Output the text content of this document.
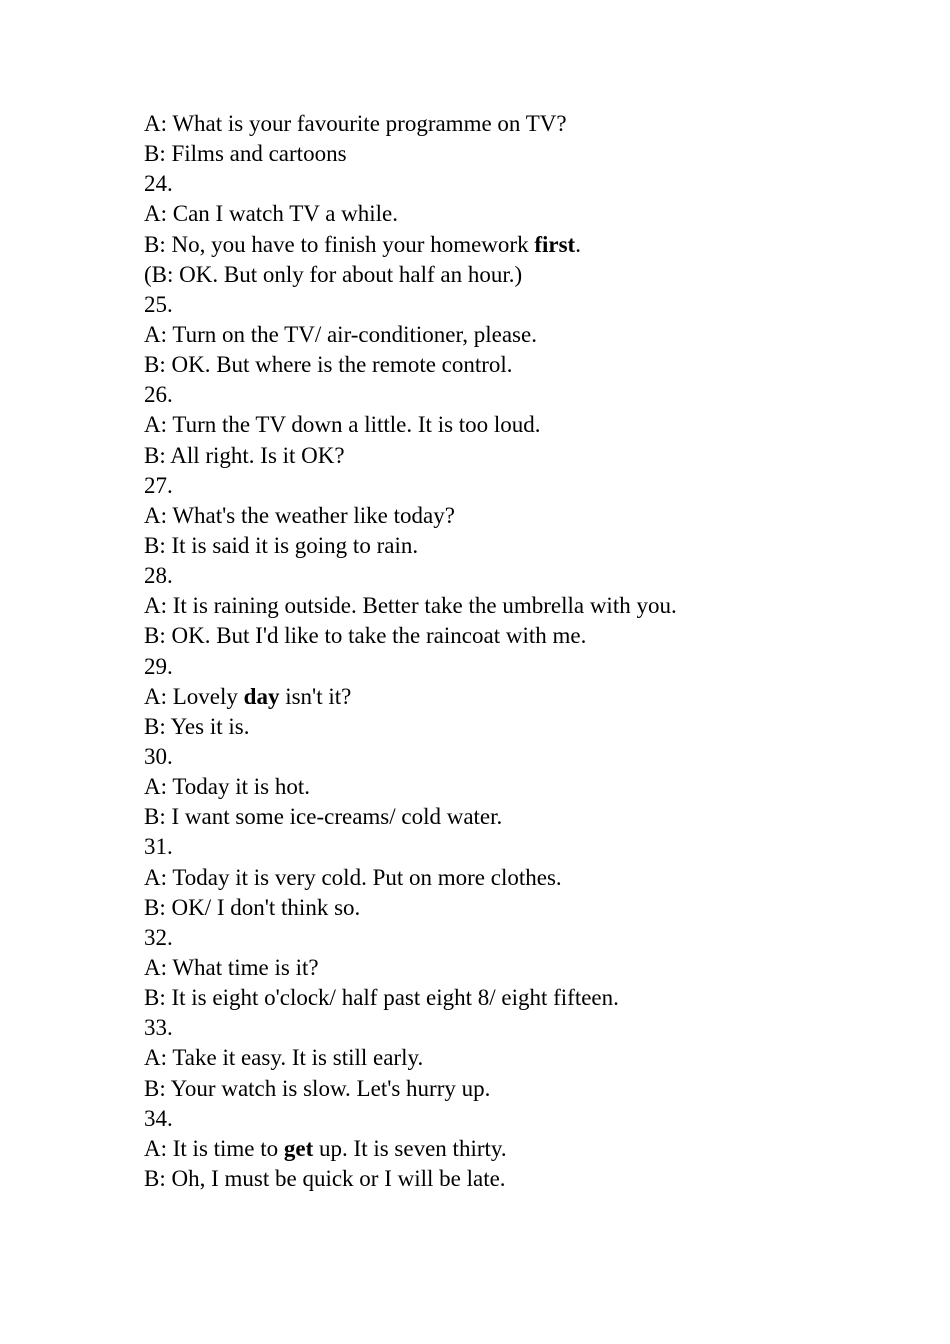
A: What is your favourite programme on TV?
B: Films and cartoons
24.
A: Can I watch TV a while.
B: No, you have to finish your homework first.
(B: OK. But only for about half an hour.)
25.
A: Turn on the TV/ air-conditioner, please.
B: OK. But where is the remote control.
26.
A: Turn the TV down a little. It is too loud.
B: All right. Is it OK?
27.
A: What's the weather like today?
B: It is said it is going to rain.
28.
A: It is raining outside. Better take the umbrella with you.
B: OK. But I'd like to take the raincoat with me.
29.
A: Lovely day isn't it?
B: Yes it is.
30.
A: Today it is hot.
B: I want some ice-creams/ cold water.
31.
A: Today it is very cold. Put on more clothes.
B: OK/ I don't think so.
32.
A: What time is it?
B: It is eight o'clock/ half past eight 8/ eight fifteen.
33.
A: Take it easy. It is still early.
B: Your watch is slow. Let's hurry up.
34.
A: It is time to get up. It is seven thirty.
B: Oh, I must be quick or I will be late.
